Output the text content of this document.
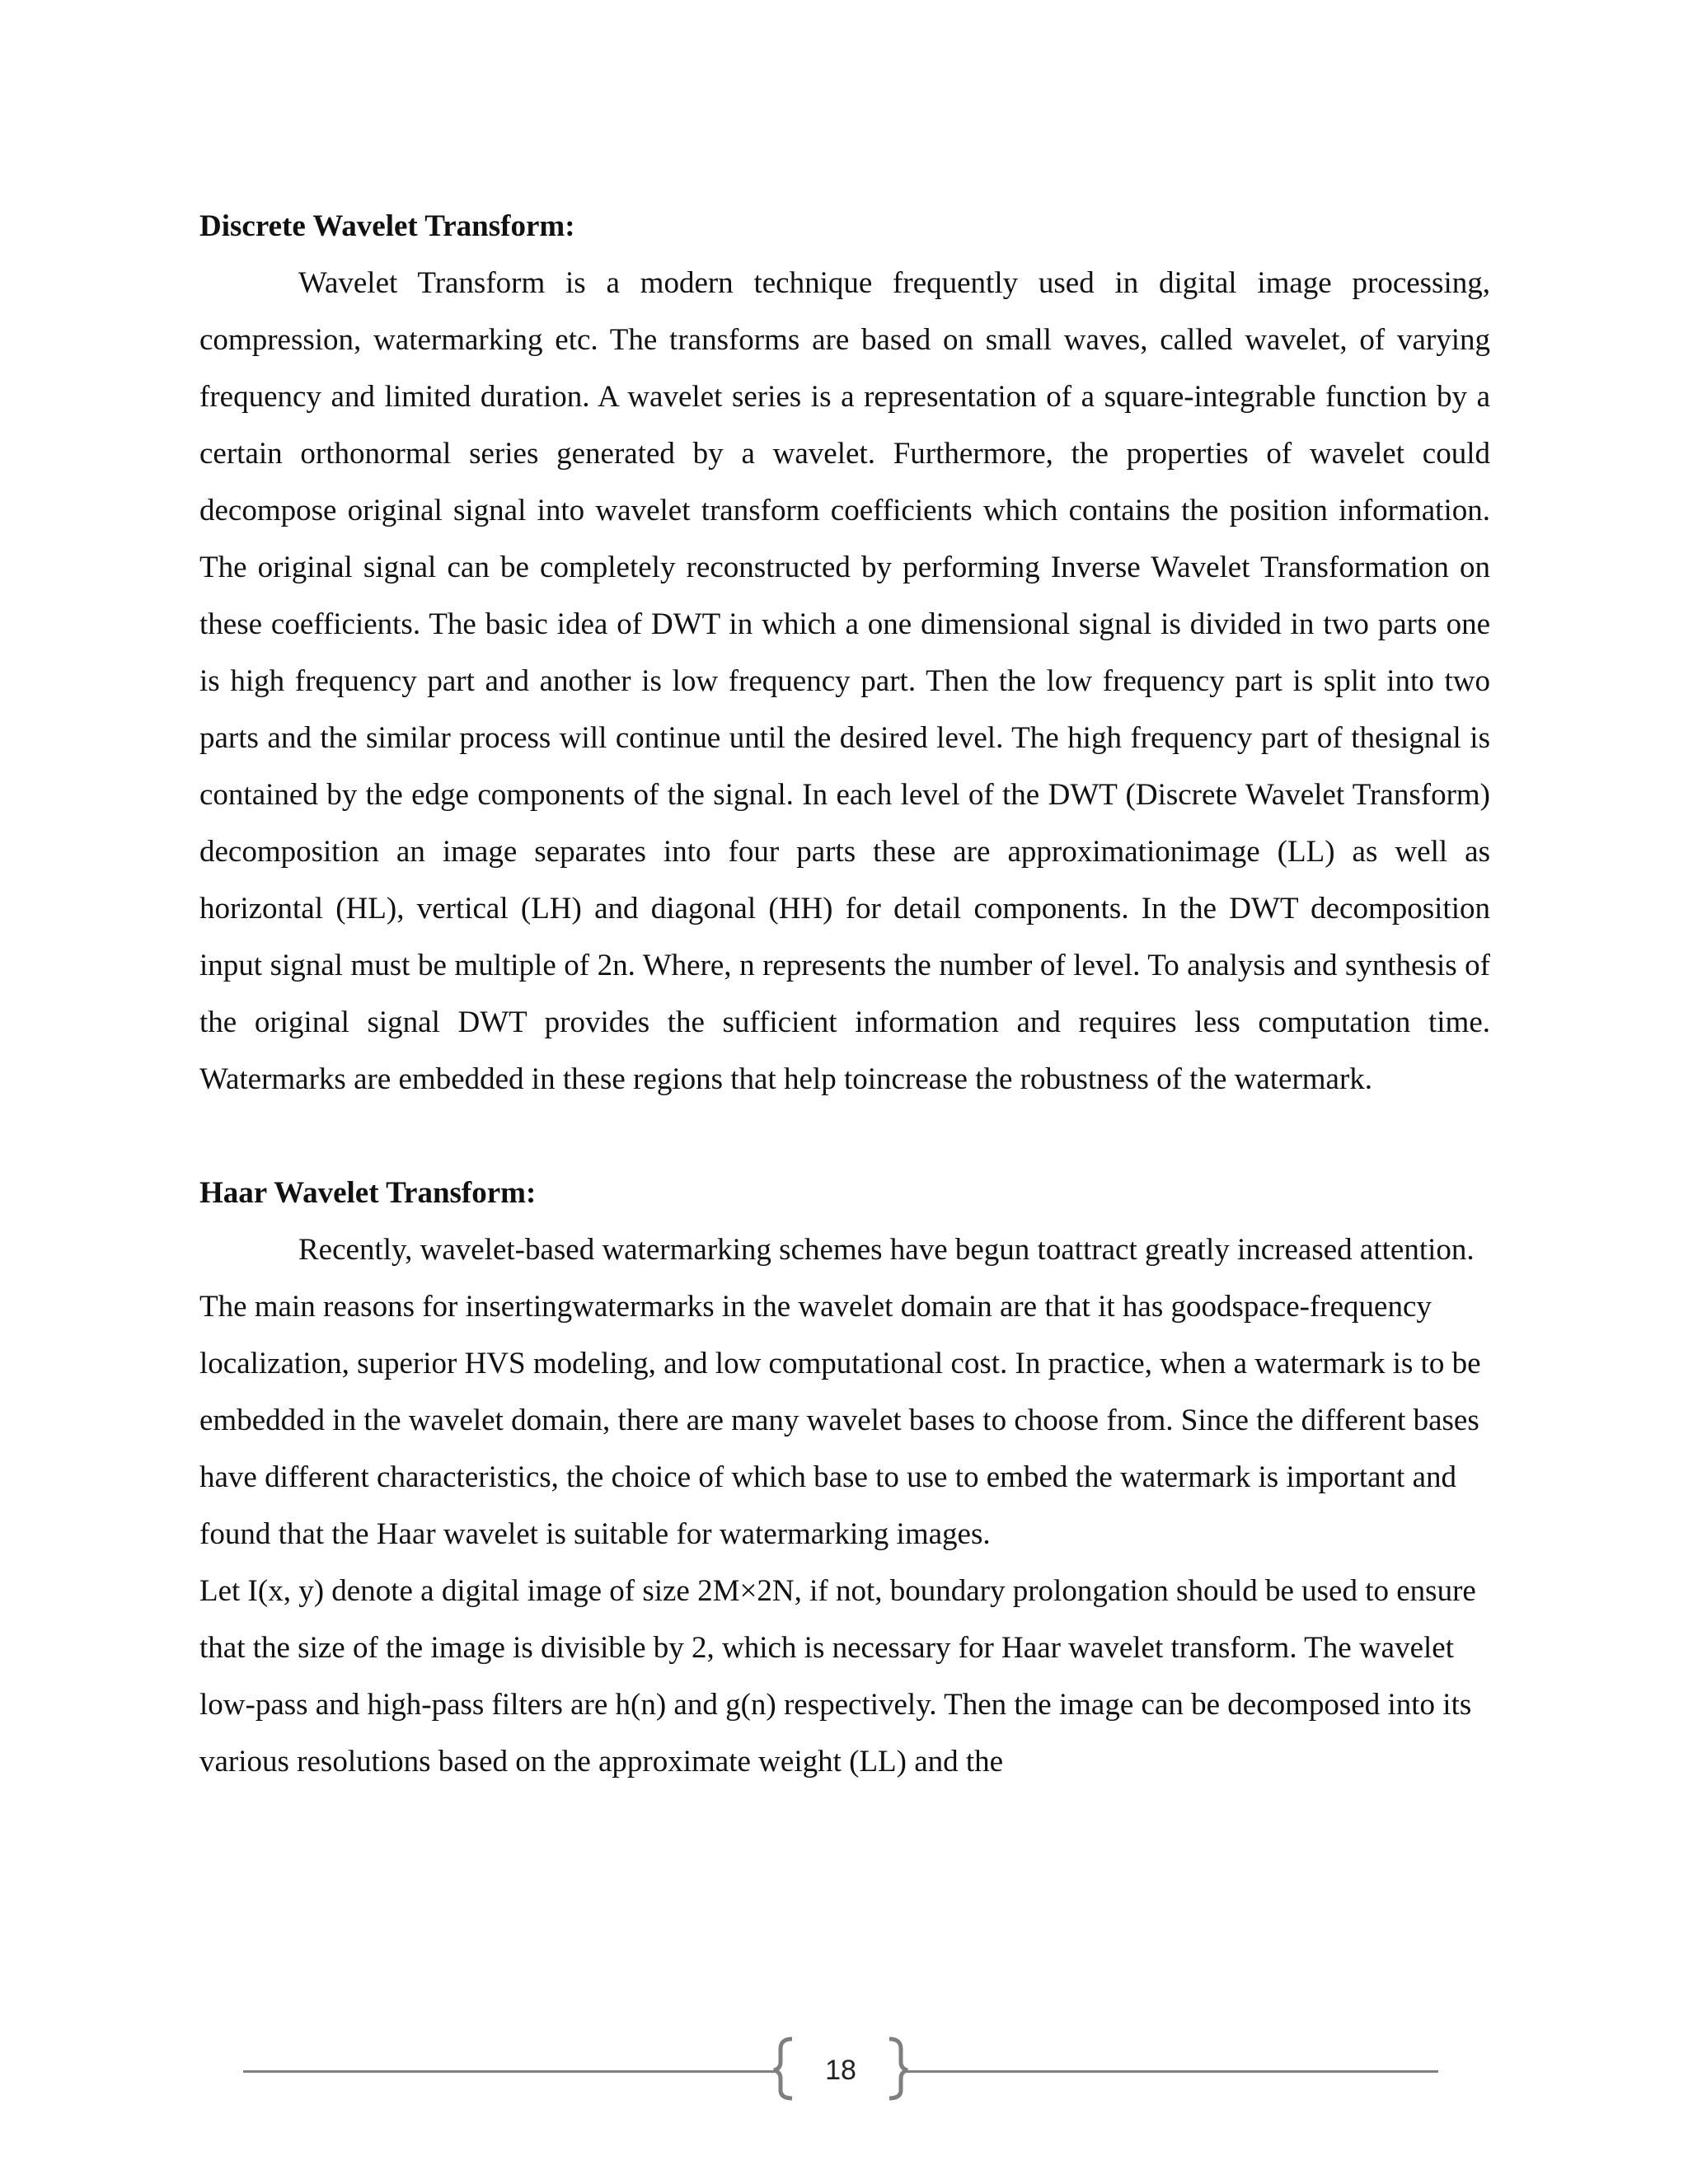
Discrete Wavelet Transform:

Wavelet Transform is a modern technique frequently used in digital image processing, compression, watermarking etc. The transforms are based on small waves, called wavelet, of varying frequency and limited duration. A wavelet series is a representation of a square-integrable function by a certain orthonormal series generated by a wavelet. Furthermore, the properties of wavelet could decompose original signal into wavelet transform coefficients which contains the position information. The original signal can be completely reconstructed by performing Inverse Wavelet Transformation on these coefficients. The basic idea of DWT in which a one dimensional signal is divided in two parts one is high frequency part and another is low frequency part. Then the low frequency part is split into two parts and the similar process will continue until the desired level. The high frequency part of thesignal is contained by the edge components of the signal. In each level of the DWT (Discrete Wavelet Transform) decomposition an image separates into four parts these are approximationimage (LL) as well as horizontal (HL), vertical (LH) and diagonal (HH) for detail components. In the DWT decomposition input signal must be multiple of 2n. Where, n represents the number of level. To analysis and synthesis of the original signal DWT provides the sufficient information and requires less computation time. Watermarks are embedded in these regions that help toincrease the robustness of the watermark.

Haar Wavelet Transform:

Recently, wavelet-based watermarking schemes have begun toattract greatly increased attention. The main reasons for insertingwatermarks in the wavelet domain are that it has goodspace-frequency localization, superior HVS modeling, and low computational cost. In practice, when a watermark is to be embedded in the wavelet domain, there are many wavelet bases to choose from. Since the different bases have different characteristics, the choice of which base to use to embed the watermark is important and found that the Haar wavelet is suitable for watermarking images.

Let I(x, y) denote a digital image of size 2M×2N, if not, boundary prolongation should be used to ensure that the size of the image is divisible by 2, which is necessary for Haar wavelet transform. The wavelet low-pass and high-pass filters are h(n) and g(n) respectively. Then the image can be decomposed into its various resolutions based on the approximate weight (LL) and the

18
